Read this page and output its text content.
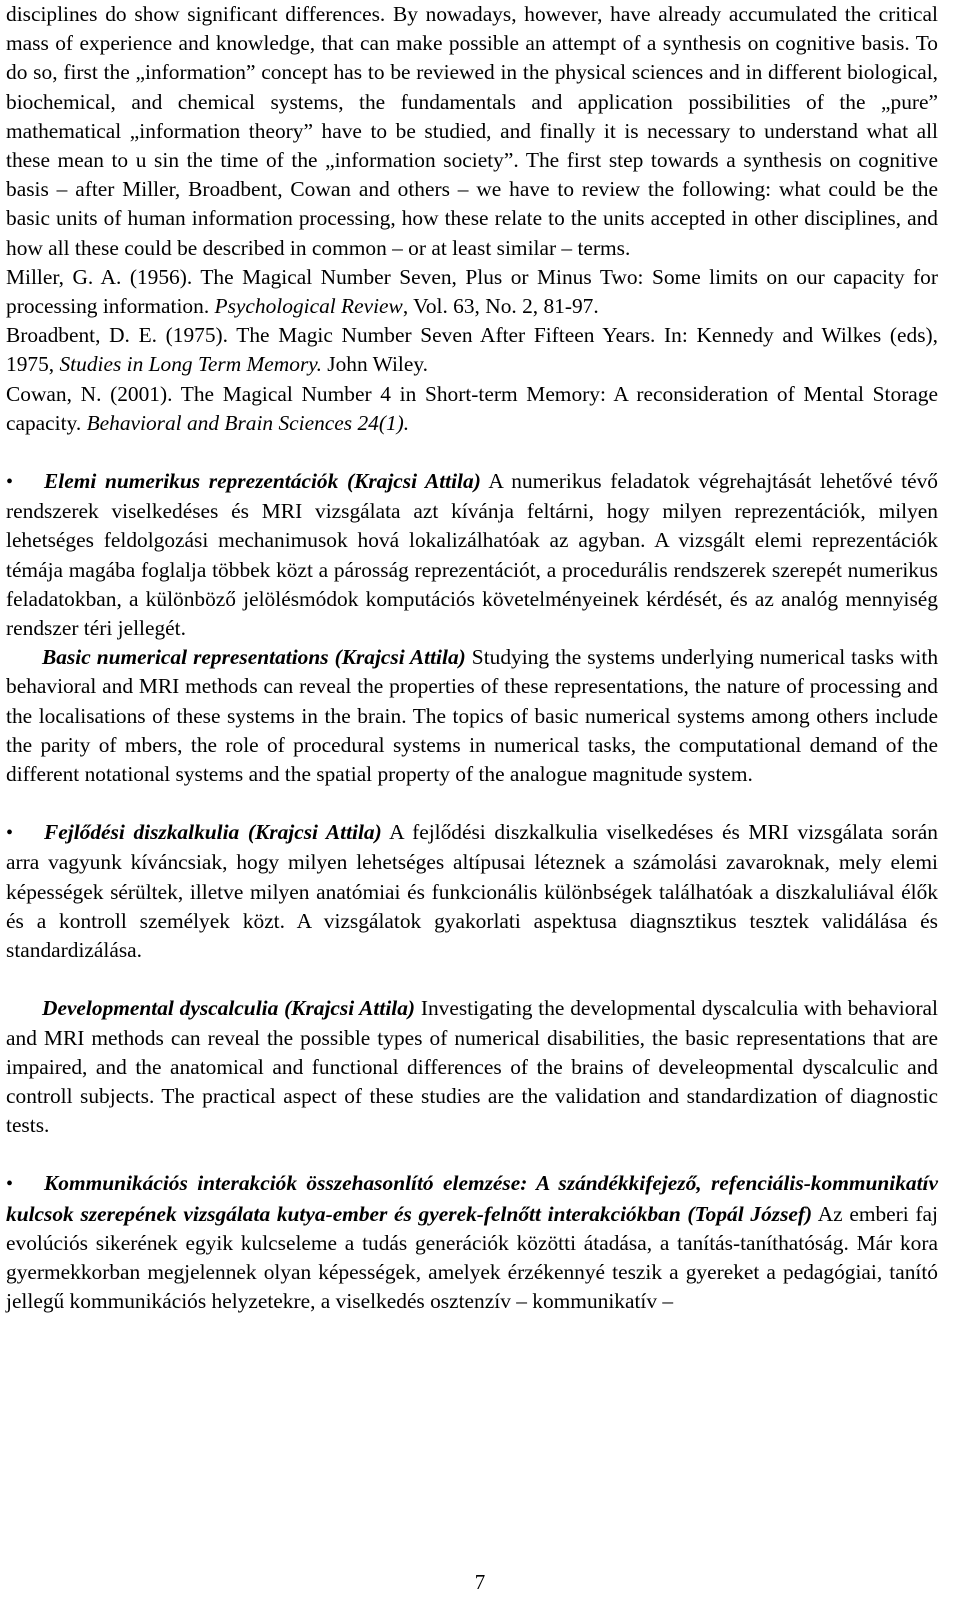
disciplines do show significant differences. By nowadays, however, have already accumulated the critical mass of experience and knowledge, that can make possible an attempt of a synthesis on cognitive basis. To do so, first the „information” concept has to be reviewed in the physical sciences and in different biological, biochemical, and chemical systems, the fundamentals and application possibilities of the „pure” mathematical „information theory” have to be studied, and finally it is necessary to understand what all these mean to u sin the time of the „information society”. The first step towards a synthesis on cognitive basis – after Miller, Broadbent, Cowan and others – we have to review the following: what could be the basic units of human information processing, how these relate to the units accepted in other disciplines, and how all these could be described in common – or at least similar – terms.

Miller, G. A. (1956). The Magical Number Seven, Plus or Minus Two: Some limits on our capacity for processing information. Psychological Review, Vol. 63, No. 2, 81-97.

Broadbent, D. E. (1975). The Magic Number Seven After Fifteen Years. In: Kennedy and Wilkes (eds), 1975, Studies in Long Term Memory. John Wiley.

Cowan, N. (2001). The Magical Number 4 in Short-term Memory: A reconsideration of Mental Storage capacity. Behavioral and Brain Sciences 24(1).

• Elemi numerikus reprezentációk (Krajcsi Attila) A numerikus feladatok végrehajtását lehetővé tévő rendszerek viselkedéses és MRI vizsgálata azt kívánja feltárni, hogy milyen reprezentációk, milyen lehetséges feldolgozási mechanimusok hová lokalizálhatóak az agyban. A vizsgált elemi reprezentációk témája magába foglalja többek közt a párosság reprezentációt, a procedurális rendszerek szerepét numerikus feladatokban, a különböző jelölésmódok komputációs követelményeinek kérdését, és az analóg mennyiség rendszer téri jellegét.

Basic numerical representations (Krajcsi Attila) Studying the systems underlying numerical tasks with behavioral and MRI methods can reveal the properties of these representations, the nature of processing and the localisations of these systems in the brain. The topics of basic numerical systems among others include the parity of mbers, the role of procedural systems in numerical tasks, the computational demand of the different notational systems and the spatial property of the analogue magnitude system.

• Fejlődési diszkalkulia (Krajcsi Attila) A fejlődési diszkalkulia viselkedéses és MRI vizsgálata során arra vagyunk kíváncsiak, hogy milyen lehetséges altípusai léteznek a számolási zavaroknak, mely elemi képességek sérültek, illetve milyen anatómiai és funkcionális különbségek találhatóak a diszkaluliával élők és a kontroll személyek közt. A vizsgálatok gyakorlati aspektusa diagnsztikus tesztek validálása és standardizálása.

Developmental dyscalculia (Krajcsi Attila) Investigating the developmental dyscalculia with behavioral and MRI methods can reveal the possible types of numerical disabilities, the basic representations that are impaired, and the anatomical and functional differences of the brains of develeopmental dyscalculic and controll subjects. The practical aspect of these studies are the validation and standardization of diagnostic tests.

• Kommunikációs interakciók összehasonlító elemzése: A szándékkifejező, refenciális-kommunikatív kulcsok szerepének vizsgálata kutya-ember és gyerek-felnőtt interakciókban (Topál József) Az emberi faj evolúciós sikerének egyik kulcseleme a tudás generációk közötti átadása, a tanítás-taníthatóság. Már kora gyermekkorban megjelennek olyan képességek, amelyek érzékennyé teszik a gyereket a pedagógiai, tanító jellegű kommunikációs helyzetekre, a viselkedés osztenzív – kommunikatív –

7
